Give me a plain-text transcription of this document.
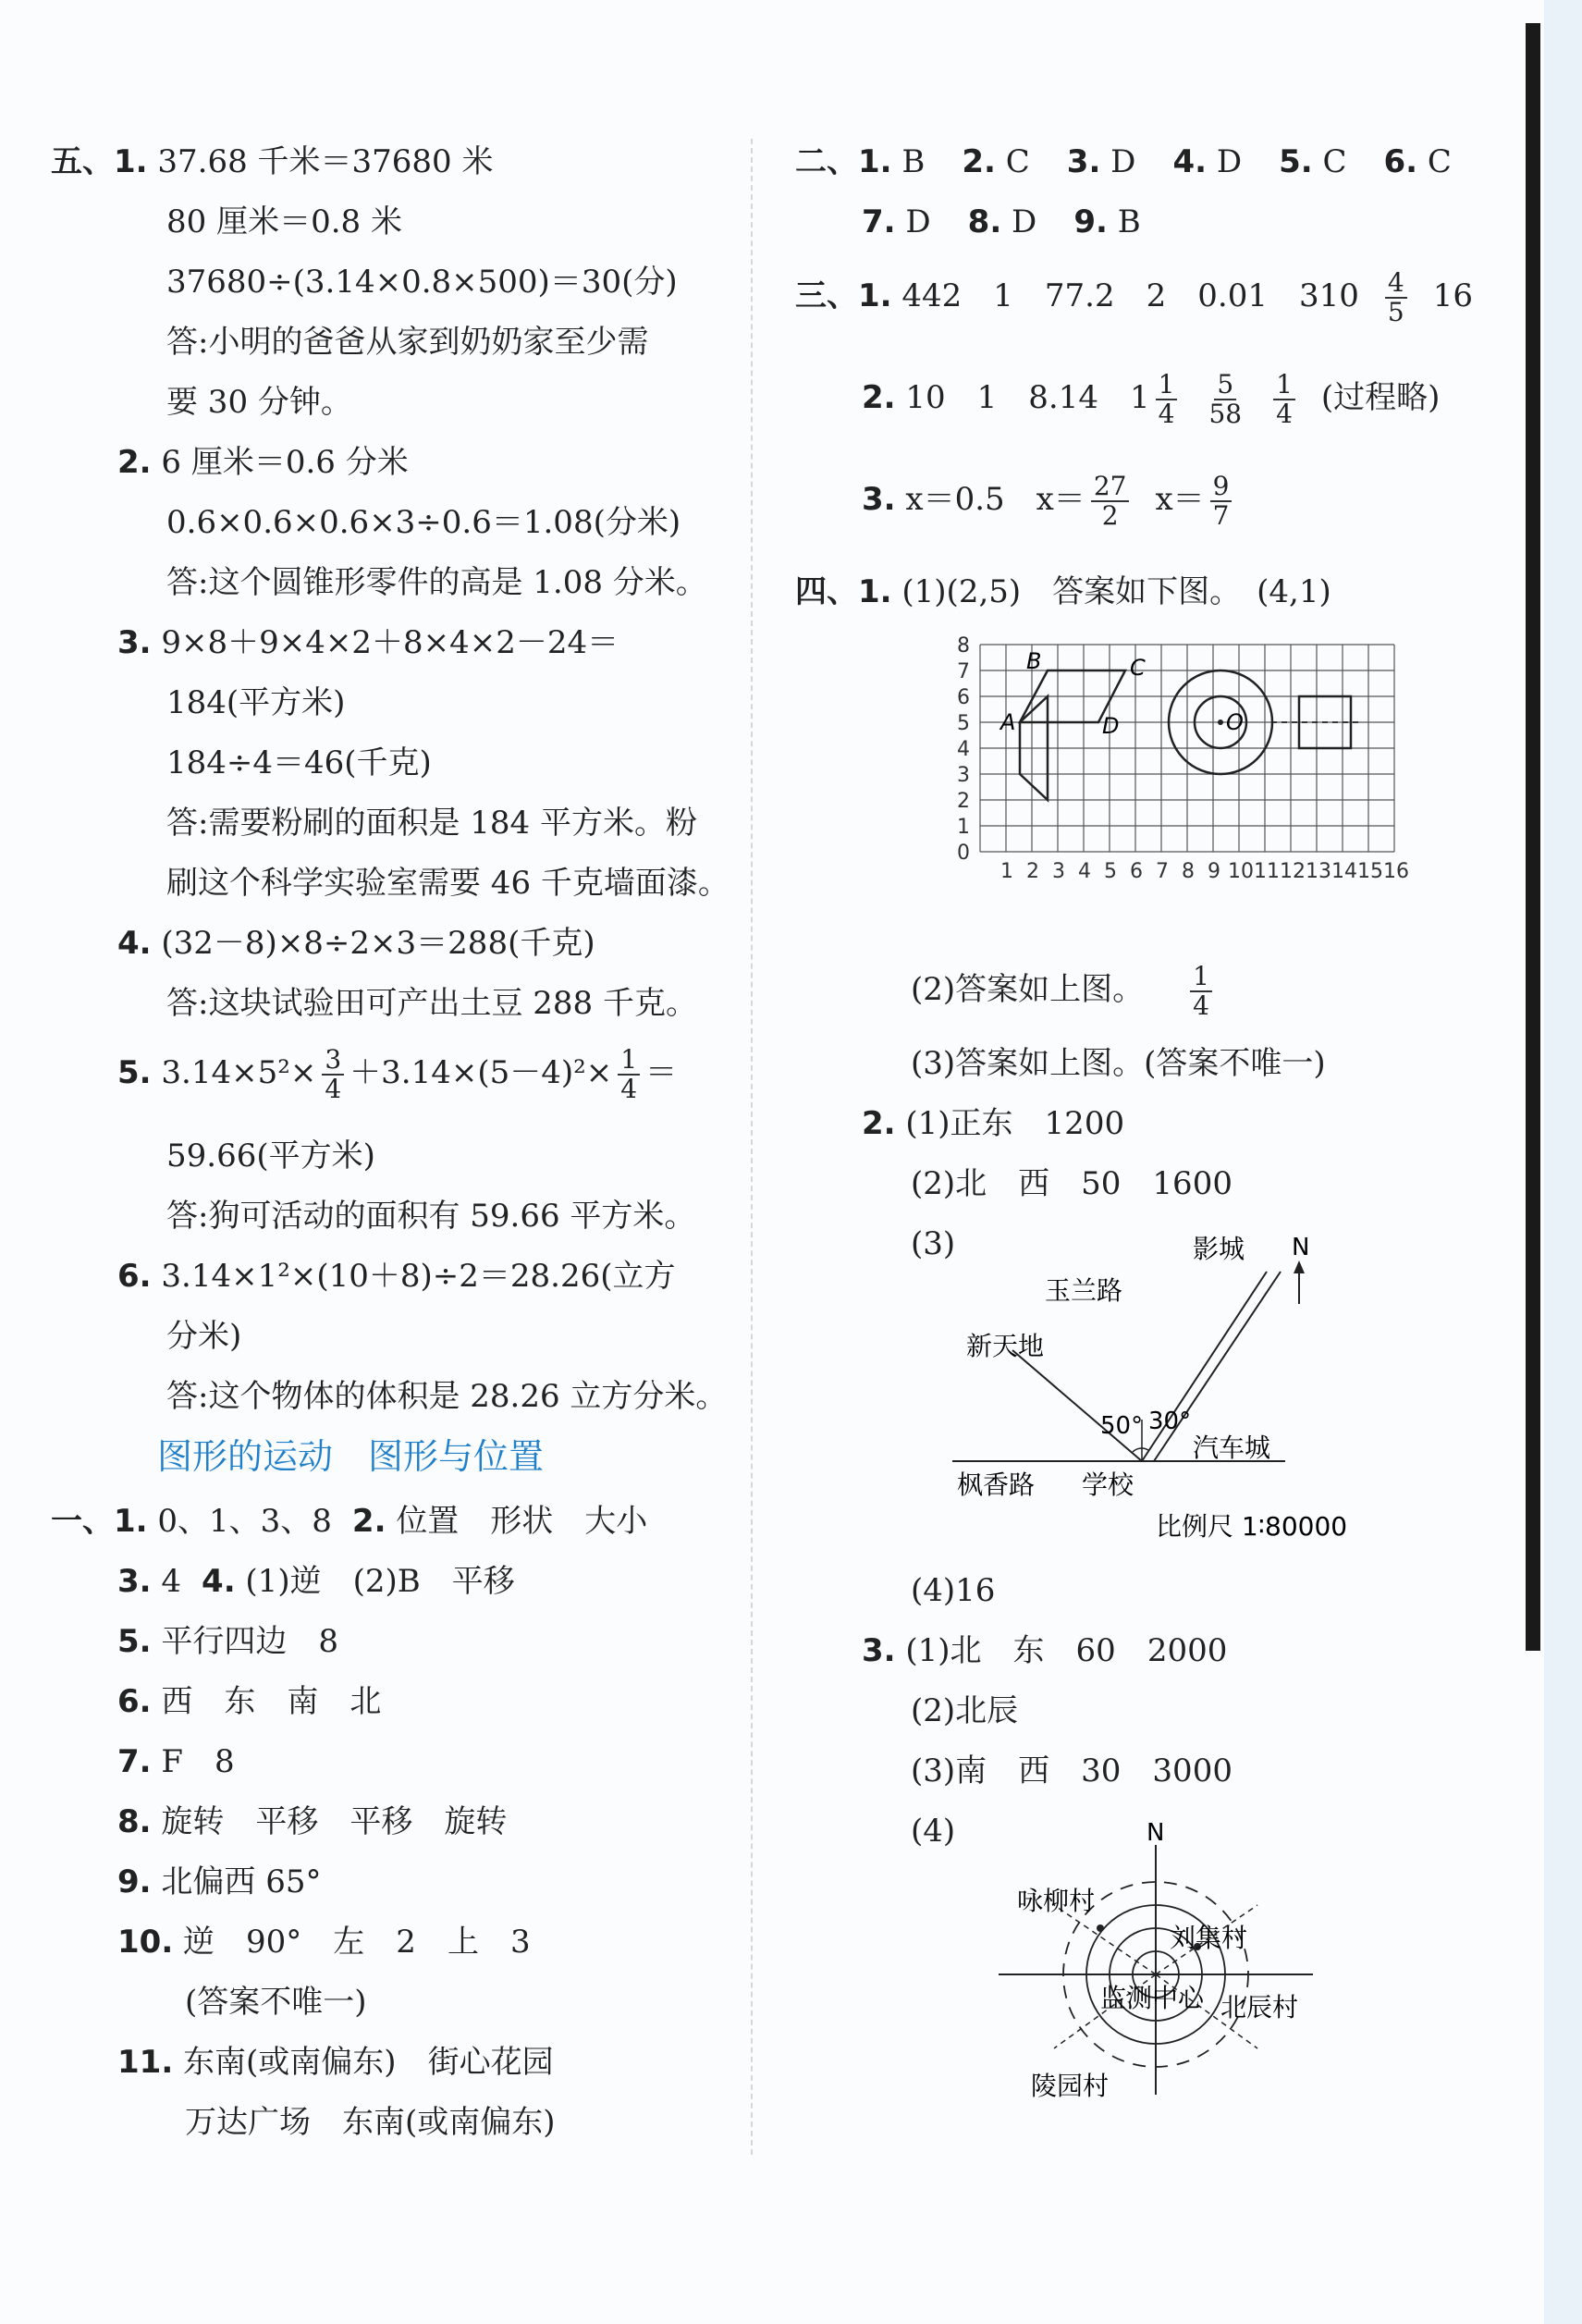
五、1. 37.68 千米＝37680 米
80 厘米＝0.8 米
37680÷(3.14×0.8×500)＝30(分)
答:小明的爸爸从家到奶奶家至少需
要 30 分钟。
2. 6 厘米＝0.6 分米
0.6×0.6×0.6×3÷0.6＝1.08(分米)
答:这个圆锥形零件的高是 1.08 分米。
3. 9×8＋9×4×2＋8×4×2－24＝
184(平方米)
184÷4＝46(千克)
答:需要粉刷的面积是 184 平方米。粉
刷这个科学实验室需要 46 千克墙面漆。
4. (32－8)×8÷2×3＝288(千克)
答:这块试验田可产出土豆 288 千克。
5. $3.14\times 5^2\times \frac{3}{4} +3.14\times(5-4)^2\times \frac{1}{4}$ ＝
59.66(平方米)
答:狗可活动的面积有 59.66 平方米。
6. 3.14×1²×(10＋8)÷2＝28.26(立方
分米)
答:这个物体的体积是 28.26 立方分米。
图形的运动　图形与位置
一、1. 0、1、3、8 2. 位置　形状　大小
3. 4 4. (1)逆　(2)B　平移
5. 平行四边　8
6. 西　东　南　北
7. F　8
8. 旋转　平移　平移　旋转
9. 北偏西 65°
10. 逆　90°　左　2　上　3
(答案不唯一)
11. 东南(或南偏东)　街心花园
万达广场　东南(或南偏东)
二、1. B 2. C 3. D 4. D 5. C 6. C
7. D 8. D 9. B
三、1. 442　1　77.2　2　0.01　$310 \frac{4}{5} 16$
2. 10　1　8.14　$1 \frac{1}{4} \frac{5}{58} \frac{1}{4}$ (过程略)
3. x＝0.5　$x= \frac{27}{2} x= \frac{9}{7}$
四、1. (1)(2,5)　答案如下图。　(4,1)
8
7
6
5
4
3
2
1
0
1 2 3 4 5 6 7 8 9 10 11 12 13 14 15 16
A
B	C
D	O
(2)答案如上图。 $\frac{1}{4}$
(3)答案如上图。(答案不唯一)
2. (1)正东　1200
(2)北　西　50　1600
(3)	N
影城
玉兰路
新天地
50° 30°
汽车城
枫香路 学校
比例尺 1∶80000
(4)16
3. (1)北　东　60　2000
(2)北辰
(3)南　西　30　3000
(4)	N
咏柳村
刘集村
监测中心 北辰村
陵园村
